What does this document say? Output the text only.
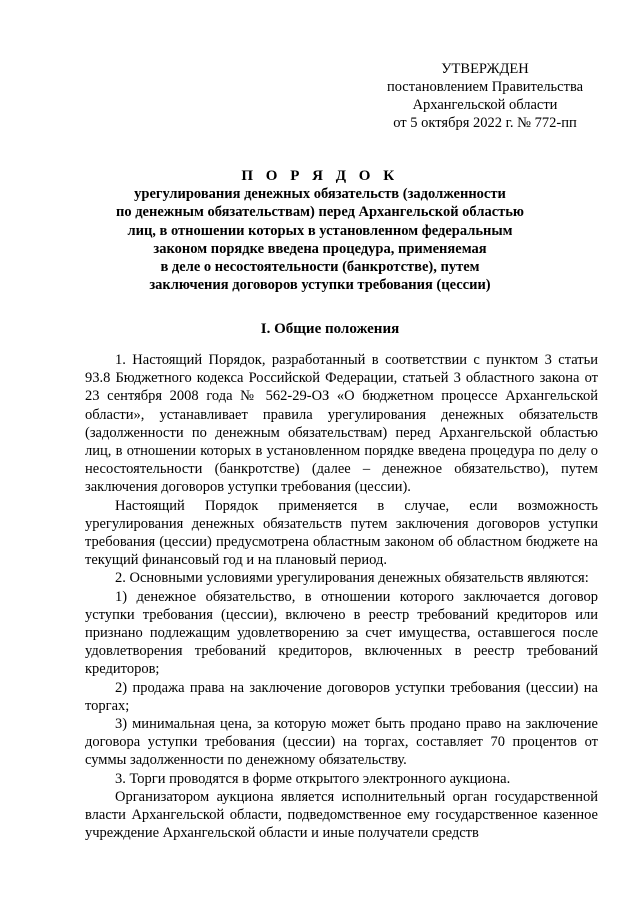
УТВЕРЖДЕН
постановлением Правительства
Архангельской области
от 5 октября 2022 г. № 772-пп
П О Р Я Д О К
урегулирования денежных обязательств (задолженности
по денежным обязательствам) перед Архангельской областью
лиц, в отношении которых в установленном федеральным
законом порядке введена процедура, применяемая
в деле о несостоятельности (банкротстве), путем
заключения договоров уступки требования (цессии)
I. Общие положения

1. Настоящий Порядок, разработанный в соответствии с пунктом 3 статьи 93.8 Бюджетного кодекса Российской Федерации, статьей 3 областного закона от 23 сентября 2008 года № 562-29-ОЗ «О бюджетном процессе Архангельской области», устанавливает правила урегулирования денежных обязательств (задолженности по денежным обязательствам) перед Архангельской областью лиц, в отношении которых в установленном порядке введена процедура по делу о несостоятельности (банкротстве) (далее – денежное обязательство), путем заключения договоров уступки требования (цессии).

Настоящий Порядок применяется в случае, если возможность урегулирования денежных обязательств путем заключения договоров уступки требования (цессии) предусмотрена областным законом об областном бюджете на текущий финансовый год и на плановый период.

2. Основными условиями урегулирования денежных обязательств являются:

1) денежное обязательство, в отношении которого заключается договор уступки требования (цессии), включено в реестр требований кредиторов или признано подлежащим удовлетворению за счет имущества, оставшегося после удовлетворения требований кредиторов, включенных в реестр требований кредиторов;

2) продажа права на заключение договоров уступки требования (цессии) на торгах;

3) минимальная цена, за которую может быть продано право на заключение договора уступки требования (цессии) на торгах, составляет 70 процентов от суммы задолженности по денежному обязательству.

3. Торги проводятся в форме открытого электронного аукциона.

Организатором аукциона является исполнительный орган государственной власти Архангельской области, подведомственное ему государственное казенное учреждение Архангельской области и иные получатели средств
